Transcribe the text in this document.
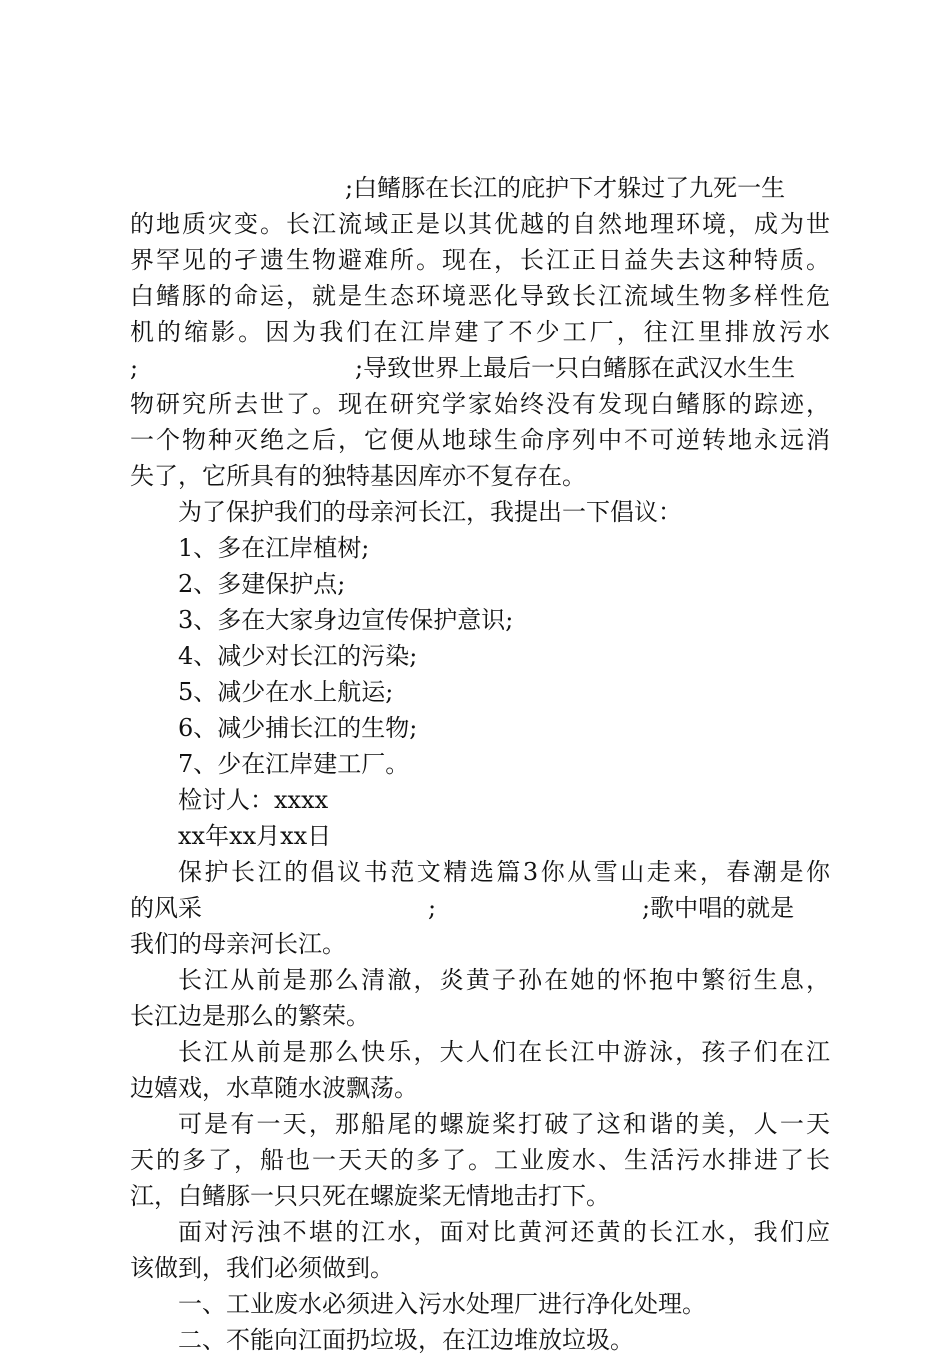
;白鳍豚在长江的庇护下才躲过了九死一生
的地质灾变。长江流域正是以其优越的自然地理环境，成为世
界罕见的孑遗生物避难所。现在，长江正日益失去这种特质。
白鳍豚的命运，就是生态环境恶化导致长江流域生物多样性危
机的缩影。因为我们在江岸建了不少工厂，往江里排放污水
;	;导致世界上最后一只白鳍豚在武汉水生生
物研究所去世了。现在研究学家始终没有发现白鳍豚的踪迹，
一个物种灭绝之后，它便从地球生命序列中不可逆转地永远消
失了，它所具有的独特基因库亦不复存在。
为了保护我们的母亲河长江，我提出一下倡议：
1、多在江岸植树;
2、多建保护点;
3、多在大家身边宣传保护意识;
4、减少对长江的污染;
5、减少在水上航运;
6、减少捕长江的生物;
7、少在江岸建工厂。
检讨人：xxxx
xx年xx月xx日
保护长江的倡议书范文精选篇3你从雪山走来，春潮是你
的风采	;	;歌中唱的就是
我们的母亲河长江。
长江从前是那么清澈，炎黄子孙在她的怀抱中繁衍生息，
长江边是那么的繁荣。
长江从前是那么快乐，大人们在长江中游泳，孩子们在江
边嬉戏，水草随水波飘荡。
可是有一天，那船尾的螺旋桨打破了这和谐的美，人一天
天的多了，船也一天天的多了。工业废水、生活污水排进了长
江，白鳍豚一只只死在螺旋桨无情地击打下。
面对污浊不堪的江水，面对比黄河还黄的长江水，我们应
该做到，我们必须做到。
一、工业废水必须进入污水处理厂进行净化处理。
二、不能向江面扔垃圾，在江边堆放垃圾。
